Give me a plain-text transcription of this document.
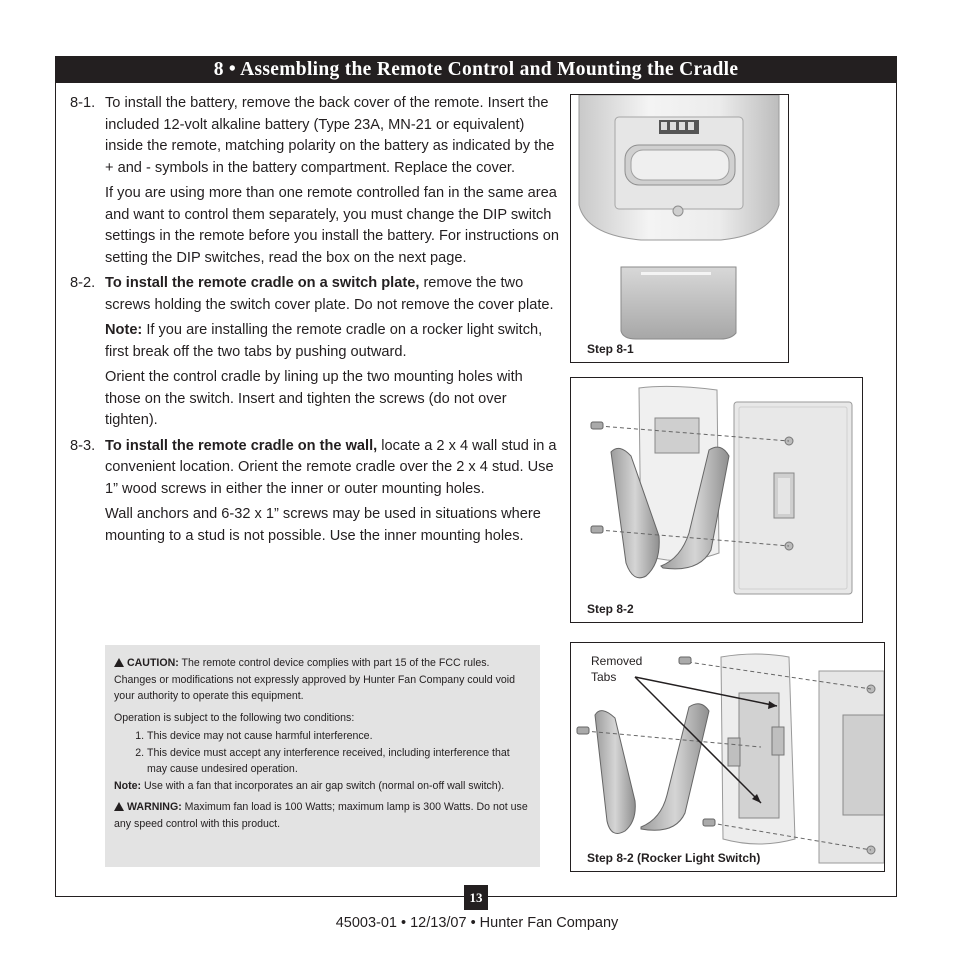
8 • Assembling the Remote Control and Mounting the Cradle
8-1. To install the battery, remove the back cover of the remote. Insert the included 12-volt alkaline battery (Type 23A, MN-21 or equivalent) inside the remote, matching polarity on the battery as indicated by the + and - symbols in the battery compartment. Replace the cover.

If you are using more than one remote controlled fan in the same area and want to control them separately, you must change the DIP switch settings in the remote before you install the battery. For instructions on setting the DIP switches, read the box on the next page.

8-2. To install the remote cradle on a switch plate, remove the two screws holding the switch cover plate. Do not remove the cover plate.

Note: If you are installing the remote cradle on a rocker light switch, first break off the two tabs by pushing outward.

Orient the control cradle by lining up the two mounting holes with those on the switch. Insert and tighten the screws (do not over tighten).

8-3. To install the remote cradle on the wall, locate a 2 x 4 wall stud in a convenient location. Orient the remote cradle over the 2 x 4 stud. Use 1” wood screws in either the inner or outer mounting holes.

Wall anchors and 6-32 x 1” screws may be used in situations where mounting to a stud is not possible. Use the inner mounting holes.

CAUTION: The remote control device complies with part 15 of the FCC rules. Changes or modifications not expressly approved by Hunter Fan Company could void your authority to operate this equipment.

Operation is subject to the following two conditions:

1. This device may not cause harmful interference.
2. This device must accept any interference received, including interference that may cause undesired operation.

Note: Use with a fan that incorporates an air gap switch (normal on-off wall switch).

WARNING: Maximum fan load is 100 Watts; maximum lamp is 300 Watts. Do not use any speed control with this product.

Step 8-1
Step 8-2
Removed
Tabs
Step 8-2 (Rocker Light Switch)
13
45003-01 • 12/13/07 • Hunter Fan Company
